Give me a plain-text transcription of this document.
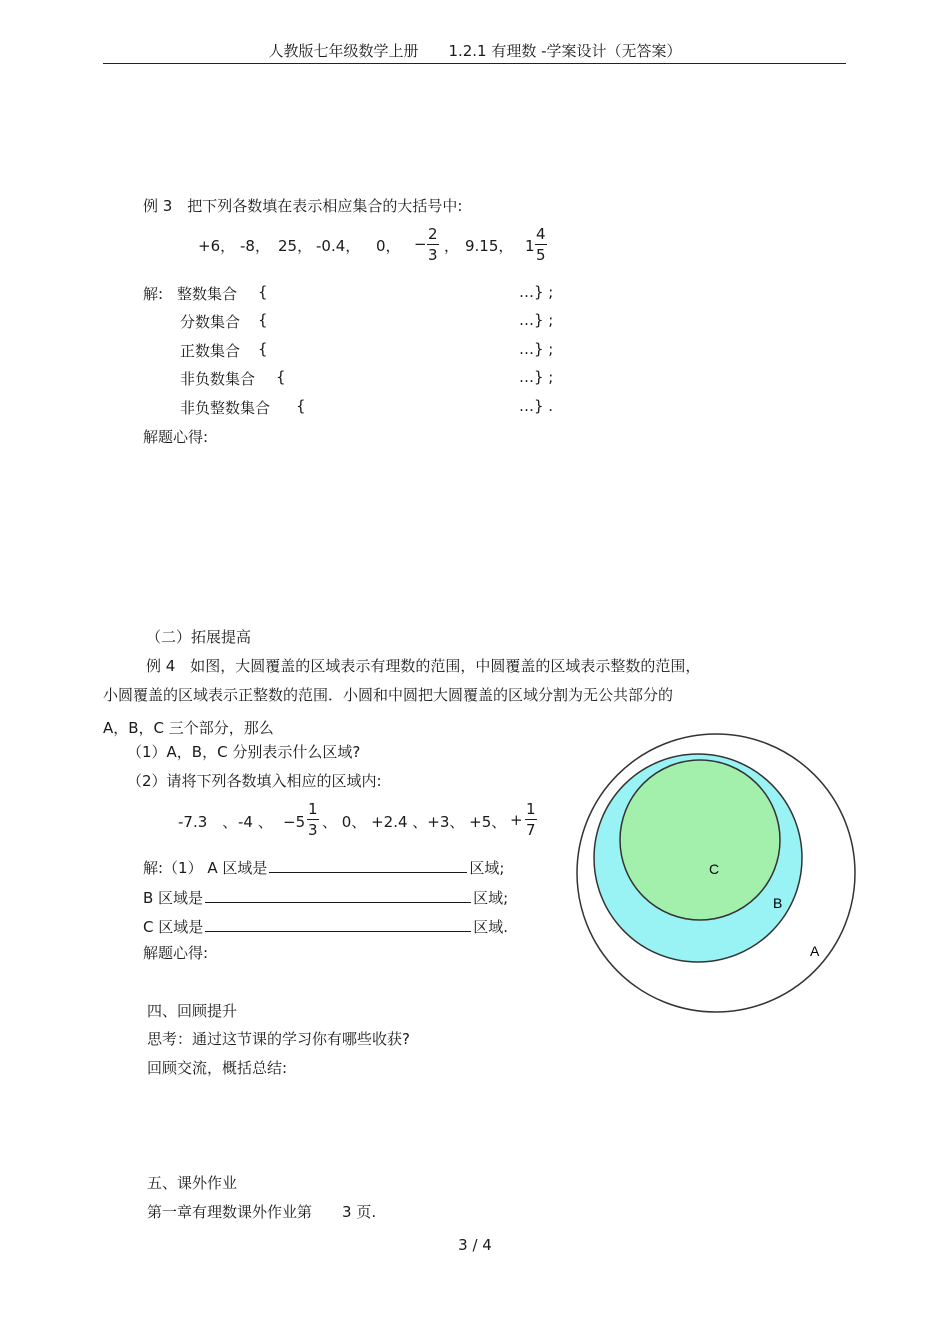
人教版七年级数学上册　　1.2.1 有理数 -学案设计（无答案）
例 3　把下列各数填在表示相应集合的大括号中:
+6， -8， 25， -0.4， 0， − $\frac{2}{3}$ ， 9.15， $1 \frac{4}{5}$
解: 整数集合 {	…} ;
分数集合 {	…} ;
正数集合 {	…} ;
非负数集合 {	…} ;
非负整数集合 {	…} .
解题心得:
（二）拓展提高
例 4　如图，大圆覆盖的区域表示有理数的范围，中圆覆盖的区域表示整数的范围，
小圆覆盖的区域表示正整数的范围．小圆和中圆把大圆覆盖的区域分割为无公共部分的
A，B，C 三个部分，那么
（1）A，B，C 分别表示什么区域?
（2）请将下列各数填入相应的区域内:
-7.3　、 -4 、 $-5 \frac{1}{3}$ 、 0、 +2.4 、+3、 +5、 + $\frac{1}{7}$
解:（1） A 区域是	区域;
B 区域是	区域;
C 区域是	区域.
解题心得:
C
B
A
四、回顾提升
思考：通过这节课的学习你有哪些收获?
回顾交流，概括总结:
五、课外作业
第一章有理数课外作业第　　3 页.
3 / 4
